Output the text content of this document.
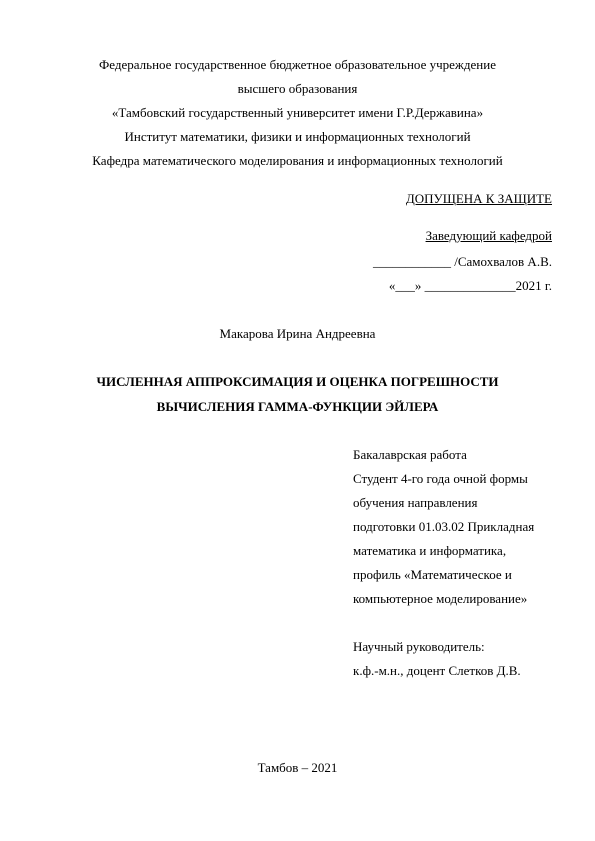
Федеральное государственное бюджетное образовательное учреждение
высшего образования
«Тамбовский государственный университет имени Г.Р.Державина»
Институт математики, физики и информационных технологий
Кафедра математического моделирования и информационных технологий
ДОПУЩЕНА К ЗАЩИТЕ
Заведующий кафедрой
____________ /Самохвалов А.В.
«___» ______________2021 г.
Макарова Ирина Андреевна
ЧИСЛЕННАЯ АППРОКСИМАЦИЯ И ОЦЕНКА ПОГРЕШНОСТИ
ВЫЧИСЛЕНИЯ ГАММА-ФУНКЦИИ ЭЙЛЕРА
Бакалаврская работа
Студент 4-го года очной формы
обучения направления
подготовки 01.03.02 Прикладная
математика и информатика,
профиль «Математическое и
компьютерное моделирование»
Научный руководитель:
к.ф.-м.н., доцент Слетков Д.В.
Тамбов – 2021
